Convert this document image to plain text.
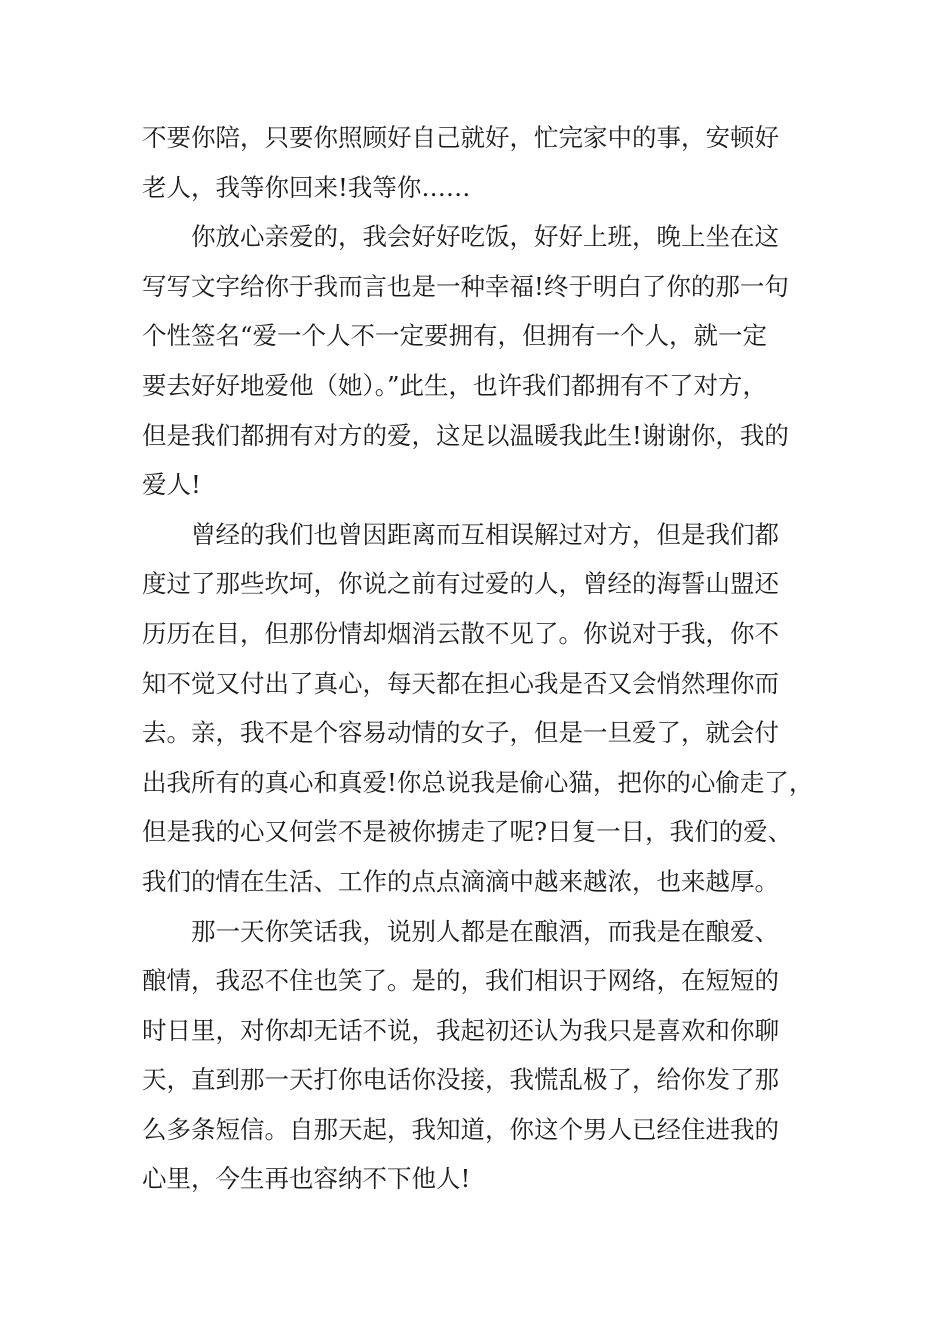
不要你陪，只要你照顾好自己就好，忙完家中的事，安顿好
老人，我等你回来!我等你……
你放心亲爱的，我会好好吃饭，好好上班，晚上坐在这
写写文字给你于我而言也是一种幸福!终于明白了你的那一句
个性签名“爱一个人不一定要拥有，但拥有一个人，就一定
要去好好地爱他（她）。”此生，也许我们都拥有不了对方，
但是我们都拥有对方的爱，这足以温暖我此生!谢谢你，我的
爱人!
曾经的我们也曾因距离而互相误解过对方，但是我们都
度过了那些坎坷，你说之前有过爱的人，曾经的海誓山盟还
历历在目，但那份情却烟消云散不见了。你说对于我，你不
知不觉又付出了真心，每天都在担心我是否又会悄然理你而
去。亲，我不是个容易动情的女子，但是一旦爱了，就会付
出我所有的真心和真爱!你总说我是偷心猫，把你的心偷走了，
但是我的心又何尝不是被你掳走了呢?日复一日，我们的爱、
我们的情在生活、工作的点点滴滴中越来越浓，也来越厚。
那一天你笑话我，说别人都是在酿酒，而我是在酿爱、
酿情，我忍不住也笑了。是的，我们相识于网络，在短短的
时日里，对你却无话不说，我起初还认为我只是喜欢和你聊
天，直到那一天打你电话你没接，我慌乱极了，给你发了那
么多条短信。自那天起，我知道，你这个男人已经住进我的
心里，今生再也容纳不下他人!
